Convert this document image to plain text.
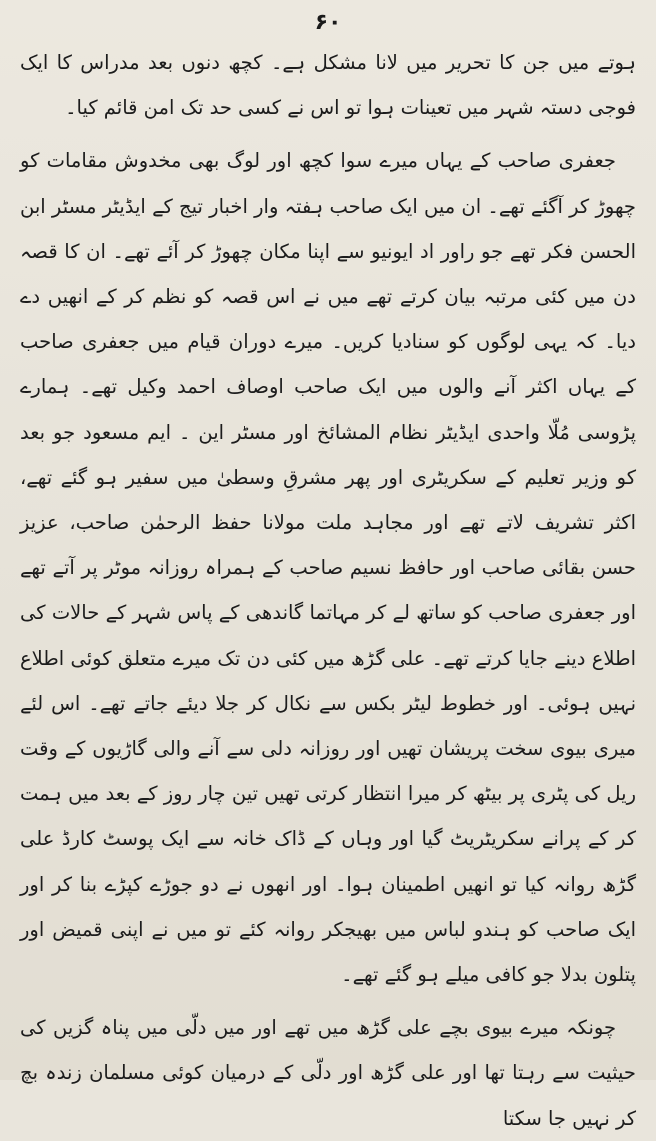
۶۰

ہوتے میں جن کا تحریر میں لانا مشکل ہے۔ کچھ دنوں بعد مدراس کا ایک فوجی دستہ شہر میں تعینات ہوا تو اس نے کسی حد تک امن قائم کیا۔

جعفری صاحب کے یہاں میرے سوا کچھ اور لوگ بھی مخدوش مقامات کو چھوڑ کر آگئے تھے۔ ان میں ایک صاحب ہفتہ وار اخبار تیج کے ایڈیٹر مسٹر ابن الحسن فکر تھے جو راور اد ایونیو سے اپنا مکان چھوڑ کر آئے تھے۔ ان کا قصہ دن میں کئی مرتبہ بیان کرتے تھے میں نے اس قصہ کو نظم کر کے انھیں دے دیا۔ کہ یہی لوگوں کو سنادیا کریں۔ میرے دوران قیام میں جعفری صاحب کے یہاں اکثر آنے والوں میں ایک صاحب اوصاف احمد وکیل تھے۔ ہمارے پڑوسی مُلّا واحدی ایڈیٹر نظام المشائخ اور مسٹر این ۔ ایم مسعود جو بعد کو وزیر تعلیم کے سکریٹری اور پھر مشرقِ وسطیٰ میں سفیر ہو گئے تھے، اکثر تشریف لاتے تھے اور مجاہد ملت مولانا حفظ الرحمٰن صاحب، عزیز حسن بقائی صاحب اور حافظ نسیم صاحب کے ہمراہ روزانہ موٹر پر آتے تھے اور جعفری صاحب کو ساتھ لے کر مہاتما گاندھی کے پاس شہر کے حالات کی اطلاع دینے جایا کرتے تھے۔ علی گڑھ میں کئی دن تک میرے متعلق کوئی اطلاع نہیں ہوئی۔ اور خطوط لیٹر بکس سے نکال کر جلا دیئے جاتے تھے۔ اس لئے میری بیوی سخت پریشان تھیں اور روزانہ دلی سے آنے والی گاڑیوں کے وقت ریل کی پٹری پر بیٹھ کر میرا انتظار کرتی تھیں تین چار روز کے بعد میں ہمت کر کے پرانے سکریٹریٹ گیا اور وہاں کے ڈاک خانہ سے ایک پوسٹ کارڈ علی گڑھ روانہ کیا تو انھیں اطمینان ہوا۔ اور انھوں نے دو جوڑے کپڑے بنا کر اور ایک صاحب کو ہندو لباس میں بھیجکر روانہ کئے تو میں نے اپنی قمیض اور پتلون بدلا جو کافی میلے ہو گئے تھے۔

چونکہ میرے بیوی بچے علی گڑھ میں تھے اور میں دلّی میں پناہ گزیں کی حیثیت سے رہتا تھا اور علی گڑھ اور دلّی کے درمیان کوئی مسلمان زندہ بچ کر نہیں جا سکتا
